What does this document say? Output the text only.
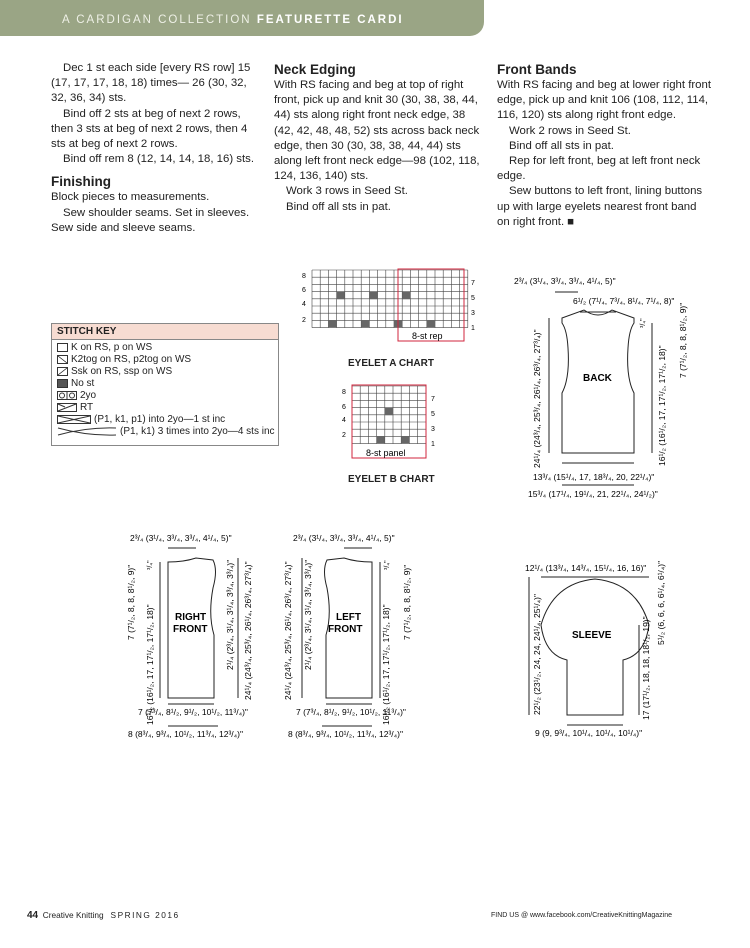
A CARDIGAN COLLECTION FEATURETTE CARDI

Dec 1 st each side [every RS row] 15 (17, 17, 17, 18, 18) times— 26 (30, 32, 32, 36, 34) sts.

Bind off 2 sts at beg of next 2 rows, then 3 sts at beg of next 2 rows, then 4 sts at beg of next 2 rows.

Bind off rem 8 (12, 14, 14, 18, 16) sts.

Finishing

Block pieces to measurements.

Sew shoulder seams. Set in sleeves. Sew side and sleeve seams.

Neck Edging

With RS facing and beg at top of right front, pick up and knit 30 (30, 38, 38, 44, 44) sts along right front neck edge, 38 (42, 42, 48, 48, 52) sts across back neck edge, then 30 (30, 38, 38, 44, 44) sts along left front neck edge—98 (102, 118, 124, 136, 140) sts.

Work 3 rows in Seed St.

Bind off all sts in pat.

Front Bands

With RS facing and beg at lower right front edge, pick up and knit 106 (108, 112, 114, 116, 120) sts along right front edge.

Work 2 rows in Seed St.

Bind off all sts in pat.

Rep for left front, beg at left front neck edge.

Sew buttons to left front, lining buttons up with large eyelets nearest front band on right front. ■

STITCH KEY
K on RS, p on WS
K2tog on RS, p2tog on WS
Ssk on RS, ssp on WS
No st
2yo
RT
(P1, k1, p1) into 2yo—1 st inc
(P1, k1) 3 times into 2yo—4 sts inc
8
6
4
2
7
5
3
1
8-st rep
EYELET A CHART
8
6
4
2
7
5
3
1
8-st panel
EYELET B CHART
BACK
2³/₄ (3¹/₄, 3³/₄, 3³/₄, 4¹/₄, 5)"
6¹/₂ (7¹/₄, 7³/₄, 8¹/₄, 7¹/₄, 8)"
³/₄"	7 (7¹/₂, 8, 8, 8¹/₂, 9)"
16¹/₂ (16¹/₂, 17, 17¹/₂, 17¹/₂, 18)"
24¹/₄ (24³/₄, 25³/₄, 26¹/₄, 26³/₄, 27³/₄)"
13³/₄ (15¹/₄, 17, 18³/₄, 20, 22¹/₄)"
15³/₄ (17¹/₄, 19¹/₄, 21, 22¹/₄, 24¹/₂)"
RIGHT
FRONT
2³/₄ (3¹/₄, 3³/₄, 3³/₄, 4¹/₄, 5)"
7 (7¹/₂, 8, 8, 8¹/₂, 9)" ³/₄"
16¹/₂ (16¹/₂, 17, 17¹/₂, 17¹/₂, 18)"	2¹/₄ (2³/₄, 3¹/₄, 3¹/₄, 3³/₄, 3³/₄)" 24¹/₄ (24³/₄, 25³/₄, 26¹/₄, 26³/₄, 27³/₄)"
7 (7³/₄, 8¹/₂, 9¹/₂, 10¹/₂, 11³/₄)"
8 (8³/₄, 9³/₄, 10¹/₂, 11³/₄, 12³/₄)"
LEFT
FRONT
2³/₄ (3¹/₄, 3³/₄, 3³/₄, 4¹/₄, 5)"
24¹/₄ (24³/₄, 25³/₄, 26¹/₄, 26³/₄, 27³/₄)" 2¹/₄ (2³/₄, 3¹/₄, 3¹/₄, 3³/₄, 3³/₄)"	³/₄"
16¹/₂ (16¹/₂, 17, 17¹/₂, 17¹/₂, 18)"
7 (7¹/₂, 8, 8, 8¹/₂, 9)"
7 (7³/₄, 8¹/₂, 9¹/₂, 10¹/₂, 11³/₄)"
8 (8³/₄, 9³/₄, 10¹/₂, 11³/₄, 12³/₄)"
SLEEVE
12¹/₄ (13³/₄, 14³/₄, 15¹/₄, 16, 16)" 5¹/₂ (6, 6, 6, 6¹/₄, 6¹/₄)"
22¹/₂ (23¹/₂, 24, 24, 24¹/₄, 25¹/₄)"	17 (17¹/₂, 18, 18, 18¹/₂, 19)"
9 (9, 9³/₄, 10¹/₄, 10¹/₄, 10¹/₄)"
44 Creative Knitting SPRING 2016	FIND US @ www.facebook.com/CreativeKnittingMagazine
